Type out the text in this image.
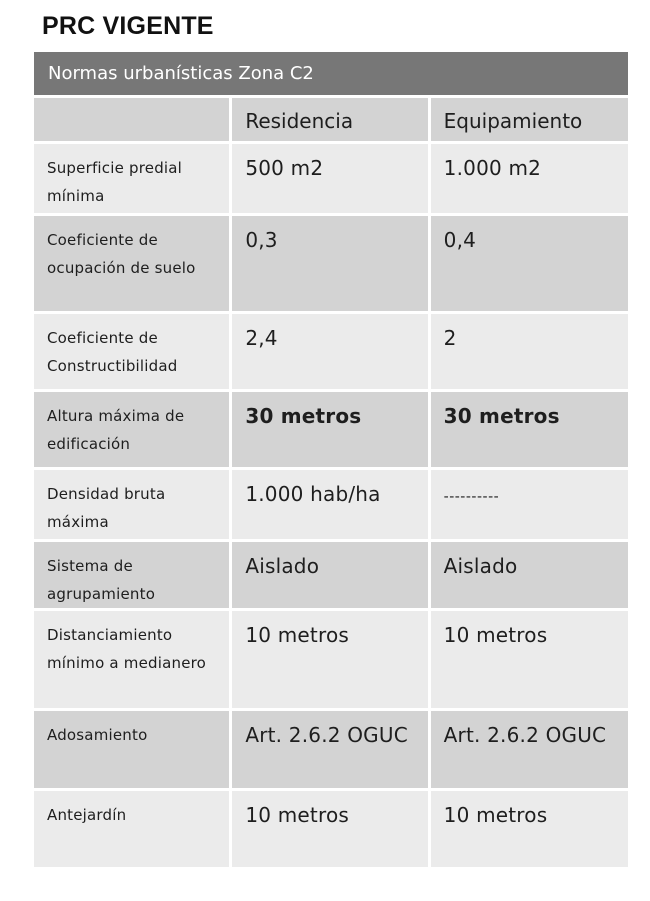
PRC VIGENTE
Normas urbanísticas Zona C2
	Residencia	Equipamiento
Superficie predial mínima	500 m2	1.000 m2
Coeficiente de ocupación de suelo	0,3	0,4
Coeficiente de Constructibilidad	2,4	2
Altura máxima de edificación	30 metros	30 metros
Densidad bruta máxima	1.000 hab/ha	----------
Sistema de agrupamiento	Aislado	Aislado
Distanciamiento mínimo a medianero	10 metros	10 metros
Adosamiento	Art. 2.6.2 OGUC	Art. 2.6.2 OGUC
Antejardín	10 metros	10 metros
